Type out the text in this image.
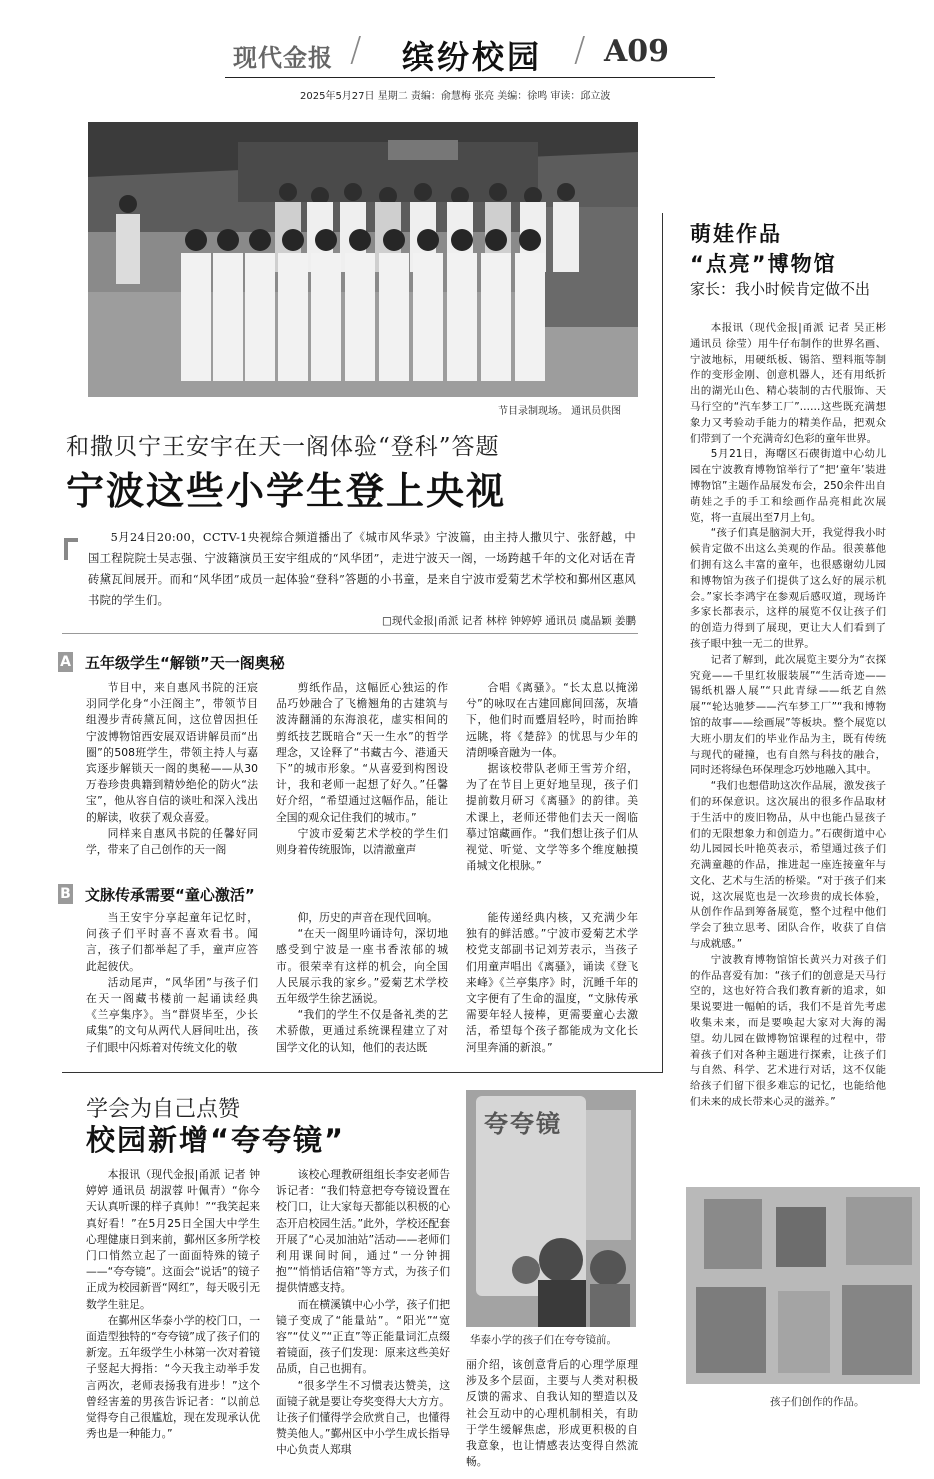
现代金报 / 缤纷校园 / A09
2025年5月27日 星期二 责编：俞慧梅 张亮 美编：徐鸣 审读：邱立波
节目录制现场。 通讯员供图
和撒贝宁王安宇在天一阁体验“登科”答题
宁波这些小学生登上央视
5月24日20:00，CCTV-1央视综合频道播出了《城市风华录》宁波篇，由主持人撒贝宁、张舒越，中国工程院院士吴志强、宁波籍演员王安宇组成的“风华团”，走进宁波天一阁，一场跨越千年的文化对话在青砖黛瓦间展开。而和“风华团”成员一起体验“登科”答题的小书童，是来自宁波市爱菊艺术学校和鄞州区惠风书院的学生们。
□现代金报|甬派 记者 林梓 钟婷婷 通讯员 虞晶颖 姜鹏
A 五年级学生“解锁”天一阁奥秘

节目中，来自惠风书院的汪宸羽同学化身“小汪阁主”，带领节目组漫步青砖黛瓦间，这位曾因担任宁波博物馆西安展双语讲解员而“出圈”的508班学生，带领主持人与嘉宾逐步解锁天一阁的奥秘——从30万卷珍贵典籍到精妙绝伦的防火“法宝”，他从容自信的谈吐和深入浅出的解读，收获了观众喜爱。

同样来自惠风书院的任馨好同学，带来了自己创作的天一阁

剪纸作品，这幅匠心独运的作品巧妙融合了飞檐翘角的古建筑与波涛翻涌的东海浪花，虚实相间的剪纸技艺既暗合“天一生水”的哲学理念，又诠释了“书藏古今、港通天下”的城市形象。“从喜爱到构图设计，我和老师一起想了好久。”任馨好介绍，“希望通过这幅作品，能让全国的观众记住我们的城市。”

宁波市爱菊艺术学校的学生们则身着传统服饰，以清澈童声

合唱《离骚》。“长太息以掩涕兮”的咏叹在古建回廊间回荡，灰墙下，他们时而蹙眉轻吟，时而抬眸远眺，将《楚辞》的忧思与少年的清朗嗓音融为一体。

据该校带队老师王雪芳介绍，为了在节目上更好地呈现，孩子们提前数月研习《离骚》的韵律。美术课上，老师还带他们去天一阁临摹过馆藏画作。“我们想让孩子们从视觉、听觉、文学等多个维度触摸甬城文化根脉。”

B 文脉传承需要“童心激活”

当王安宇分享起童年记忆时，问孩子们平时喜不喜欢看书。闻言，孩子们都举起了手，童声应答此起彼伏。

活动尾声，“风华团”与孩子们在天一阁藏书楼前一起诵读经典《兰亭集序》。当“群贤毕至，少长咸集”的文句从两代人唇间吐出，孩子们眼中闪烁着对传统文化的敬

仰，历史的声音在现代回响。

“在天一阁里吟诵诗句，深切地感受到宁波是一座书香浓郁的城市。很荣幸有这样的机会，向全国人民展示我的家乡。”爱菊艺术学校五年级学生徐艺涵说。

“我们的学生不仅是备礼类的艺术骄傲，更通过系统课程建立了对国学文化的认知，他们的表达既

能传递经典内核，又充满少年独有的鲜活感。”宁波市爱菊艺术学校党支部副书记刘芳表示，当孩子们用童声唱出《离骚》，诵读《登飞来峰》《兰亭集序》时，沉睡千年的文字便有了生命的温度，“文脉传承需要年轻人接棒，更需要童心去激活，希望每个孩子都能成为文化长河里奔涌的新浪。”

学会为自己点赞
校园新增“夸夸镜”

本报讯（现代金报|甬派 记者 钟婷婷 通讯员 胡淑蓉 叶佩青）“你今天认真听课的样子真帅！”“我笑起来真好看！”在5月25日全国大中学生心理健康日到来前，鄞州区多所学校门口悄然立起了一面面特殊的镜子——“夸夸镜”。这面会“说话”的镜子正成为校园新晋“网红”，每天吸引无数学生驻足。

在鄞州区华泰小学的校门口，一面造型独特的“夸夸镜”成了孩子们的新宠。五年级学生小林第一次对着镜子竖起大拇指：“今天我主动举手发言两次，老师表扬我有进步！”这个曾经害羞的男孩告诉记者：“以前总觉得夸自己很尴尬，现在发现承认优秀也是一种能力。”

该校心理教研组组长李安老师告诉记者：“我们特意把夸夸镜设置在校门口，让大家每天都能以积极的心态开启校园生活。”此外，学校还配套开展了“心灵加油站”活动——老师们利用课间时间，通过“一分钟拥抱”“悄悄话信箱”等方式，为孩子们提供情感支持。

而在横溪镇中心小学，孩子们把镜子变成了“能量站”。“阳光”“宽容”“仗义”“正直”等正能量词汇点缀着镜面，孩子们发现：原来这些美好品质，自己也拥有。

“很多学生不习惯表达赞美，这面镜子就是要让夸奖变得大大方方。让孩子们懂得学会欣赏自己，也懂得赞美他人。”鄞州区中小学生成长指导中心负责人郑琪

夸夸镜
华泰小学的孩子们在夸夸镜前。

丽介绍，该创意背后的心理学原理涉及多个层面，主要与人类对积极反馈的需求、自我认知的塑造以及社会互动中的心理机制相关，有助于学生缓解焦虑，形成更积极的自我意象，也让情感表达变得自然流畅。

萌娃作品
“点亮”博物馆
家长：我小时候肯定做不出

本报讯（现代金报|甬派 记者 吴正彬 通讯员 徐莹）用牛仔布制作的世界名画、宁波地标，用硬纸板、锡箔、塑料瓶等制作的变形金刚、创意机器人，还有用纸折出的湖光山色、精心装制的古代服饰、天马行空的“汽车梦工厂”……这些既充满想象力又考验动手能力的精美作品，把观众们带到了一个充满奇幻色彩的童年世界。

5月21日，海曙区石碶街道中心幼儿园在宁波教育博物馆举行了“把‘童年’装进博物馆”主题作品展发布会，250余件出自萌娃之手的手工和绘画作品亮相此次展览，将一直展出至7月上旬。

“孩子们真是脑洞大开，我觉得我小时候肯定做不出这么美观的作品。很羡慕他们拥有这么丰富的童年，也很感谢幼儿园和博物馆为孩子们提供了这么好的展示机会。”家长李鸿宇在参观后感叹道，现场许多家长都表示，这样的展览不仅让孩子们的创造力得到了展现，更让大人们看到了孩子眼中独一无二的世界。

记者了解到，此次展览主要分为“衣探究竟——千里红妆服装展”“生活奇迹——锡纸机器人展”“只此青绿——纸艺自然展”“轮达驰梦——汽车梦工厂”“我和博物馆的故事——绘画展”等板块。整个展览以大班小朋友们的毕业作品为主，既有传统与现代的碰撞，也有自然与科技的融合，同时还将绿色环保理念巧妙地融入其中。

“我们也想借助这次作品展，激发孩子们的环保意识。这次展出的很多作品取材于生活中的废旧物品，从中也能凸显孩子们的无限想象力和创造力。”石碶街道中心幼儿园园长叶艳英表示，希望通过孩子们充满童趣的作品，推进起一座连接童年与文化、艺术与生活的桥梁。“对于孩子们来说，这次展览也是一次珍贵的成长体验，从创作作品到筹备展览，整个过程中他们学会了独立思考、团队合作，收获了自信与成就感。”

宁波教育博物馆馆长黄兴力对孩子们的作品喜爱有加：“孩子们的创意是天马行空的，这也好符合我们教育新的追求，如果说要进一幅帕的话，我们不是首先考虑收集未来，而是要唤起大家对大海的渴望。幼儿园在做博物馆课程的过程中，带着孩子们对各种主题进行探索，让孩子们与自然、科学、艺术进行对话，这不仅能给孩子们留下很多难忘的记忆，也能给他们未来的成长带来心灵的滋养。”

孩子们创作的作品。
